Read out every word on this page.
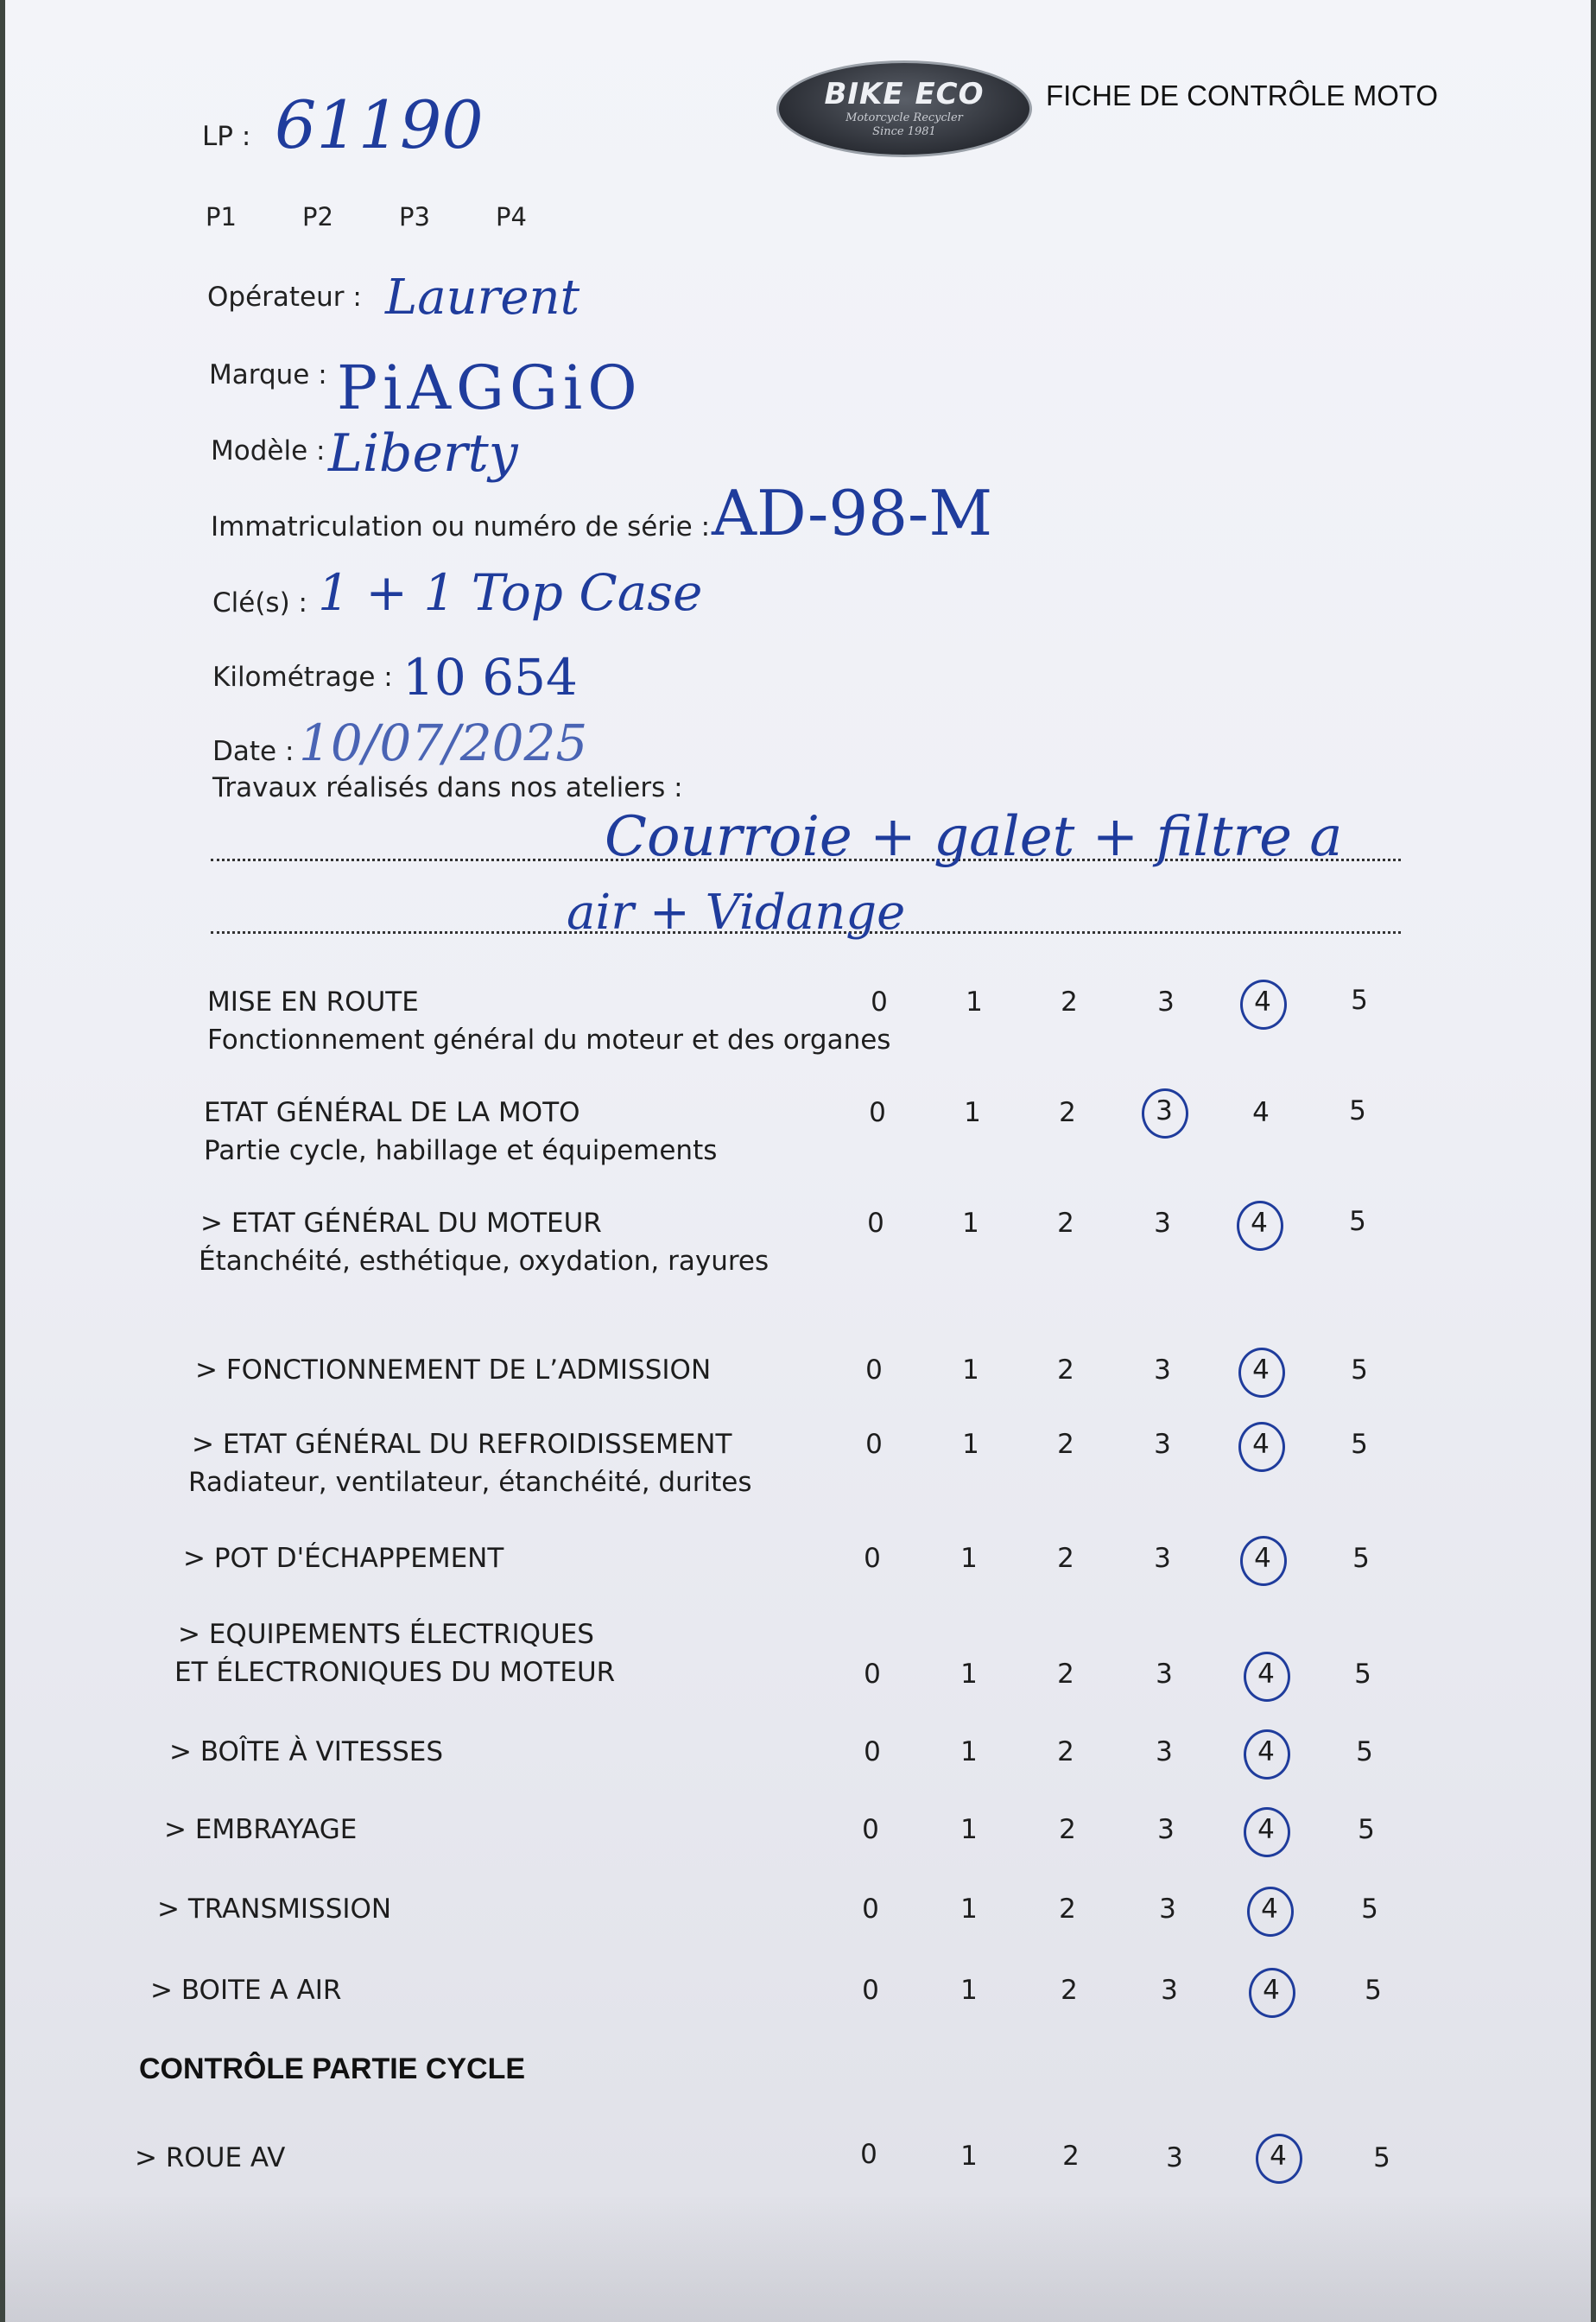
LP : 61190	BIKE ECO
Motorcycle Recycler
Since 1981
FICHE DE CONTRÔLE MOTO
P1	P2	P3	P4
Opérateur : Laurent
Marque : PiAGGiO
Modèle : Liberty
Immatriculation ou numéro de série : AD-98-M
Clé(s) : 1 + 1 Top Case
Kilométrage : 10 654
Date : 10/07/2025
Travaux réalisés dans nos ateliers :
Courroie + galet + filtre a
air + Vidange
MISE EN ROUTE
Fonctionnement général du moteur et des organes
0	1	2	3	4	5
ETAT GÉNÉRAL DE LA MOTO
Partie cycle, habillage et équipements
0	1	2	3	4	5
> ETAT GÉNÉRAL DU MOTEUR
Étanchéité, esthétique, oxydation, rayures
0	1	2	3	4	5
> FONCTIONNEMENT DE L’ADMISSION	0	1	2	3	4	5
> ETAT GÉNÉRAL DU REFROIDISSEMENT
Radiateur, ventilateur, étanchéité, durites
0	1	2	3	4	5
> POT D'ÉCHAPPEMENT	0	1	2	3	4	5
> EQUIPEMENTS ÉLECTRIQUES
ET ÉLECTRONIQUES DU MOTEUR	0	1	2	3	4	5
> BOÎTE À VITESSES	0	1	2	3	4	5
> EMBRAYAGE	0	1	2	3	4	5
> TRANSMISSION	0	1	2	3	4	5
> BOITE A AIR	0	1	2	3	4	5
CONTRÔLE PARTIE CYCLE
> ROUE AV	0	1	2	3	4	5
